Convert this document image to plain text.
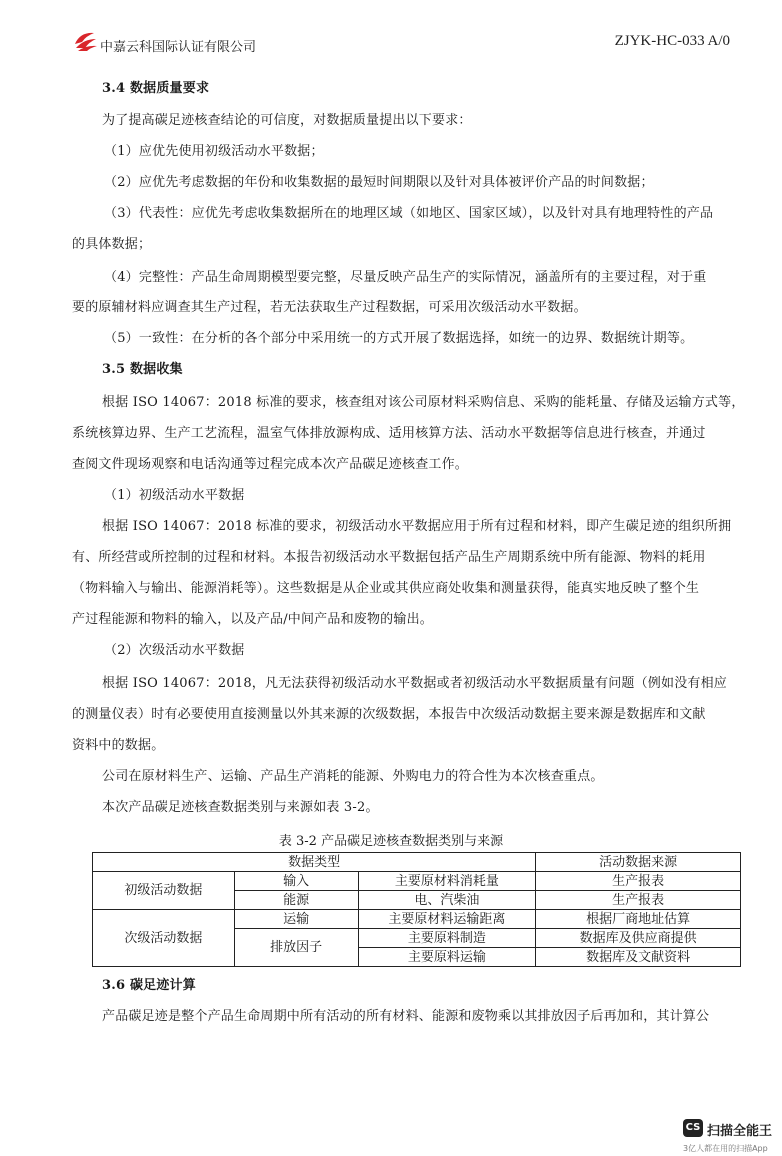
中嘉云科国际认证有限公司	ZJYK-HC-033 A/0
3.4 数据质量要求
为了提高碳足迹核查结论的可信度，对数据质量提出以下要求：
（1）应优先使用初级活动水平数据；
（2）应优先考虑数据的年份和收集数据的最短时间期限以及针对具体被评价产品的时间数据；
（3）代表性：应优先考虑收集数据所在的地理区域（如地区、国家区域），以及针对具有地理特性的产品
的具体数据；
（4）完整性：产品生命周期模型要完整，尽量反映产品生产的实际情况，涵盖所有的主要过程，对于重
要的原辅材料应调查其生产过程，若无法获取生产过程数据，可采用次级活动水平数据。
（5）一致性：在分析的各个部分中采用统一的方式开展了数据选择，如统一的边界、数据统计期等。
3.5 数据收集
根据 ISO 14067：2018 标准的要求，核查组对该公司原材料采购信息、采购的能耗量、存储及运输方式等，
系统核算边界、生产工艺流程，温室气体排放源构成、适用核算方法、活动水平数据等信息进行核查，并通过
查阅文件现场观察和电话沟通等过程完成本次产品碳足迹核查工作。
（1）初级活动水平数据
根据 ISO 14067：2018 标准的要求，初级活动水平数据应用于所有过程和材料，即产生碳足迹的组织所拥
有、所经营或所控制的过程和材料。本报告初级活动水平数据包括产品生产周期系统中所有能源、物料的耗用
（物料输入与输出、能源消耗等）。这些数据是从企业或其供应商处收集和测量获得，能真实地反映了整个生
产过程能源和物料的输入，以及产品/中间产品和废物的输出。
（2）次级活动水平数据
根据 ISO 14067：2018，凡无法获得初级活动水平数据或者初级活动水平数据质量有问题（例如没有相应
的测量仪表）时有必要使用直接测量以外其来源的次级数据，本报告中次级活动数据主要来源是数据库和文献
资料中的数据。
公司在原材料生产、运输、产品生产消耗的能源、外购电力的符合性为本次核查重点。
本次产品碳足迹核查数据类别与来源如表 3-2。
表 3-2 产品碳足迹核查数据类别与来源
数据类型			活动数据来源
初级活动数据	输入	主要原材料消耗量	生产报表
	能源	电、汽柴油	生产报表
次级活动数据	运输	主要原材料运输距离	根据厂商地址估算
	排放因子	主要原料制造	数据库及供应商提供
		主要原料运输	数据库及文献资料
3.6 碳足迹计算
产品碳足迹是整个产品生命周期中所有活动的所有材料、能源和废物乘以其排放因子后再加和，其计算公
CS 扫描全能王
3亿人都在用的扫描App
